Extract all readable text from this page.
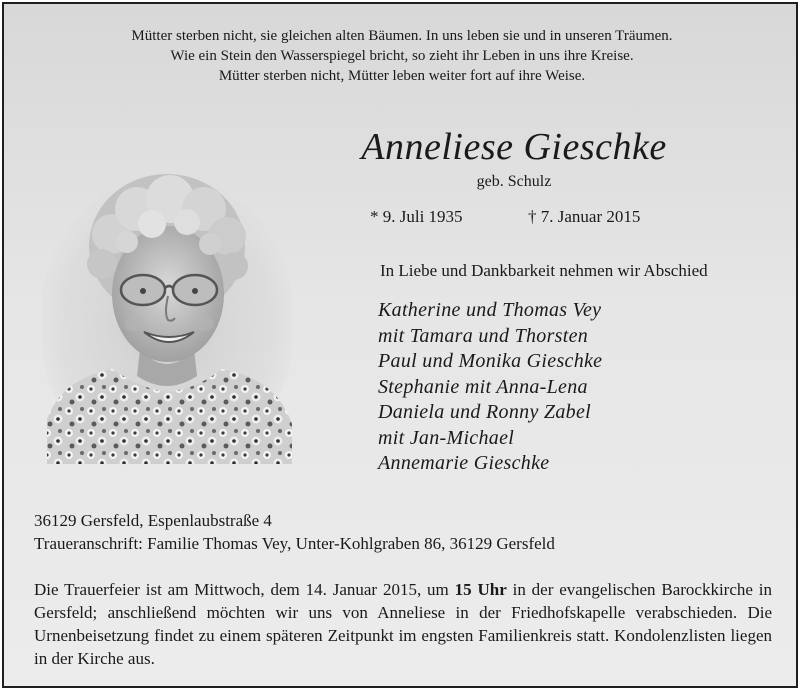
Mütter sterben nicht, sie gleichen alten Bäumen. In uns leben sie und in unseren Träumen.
Wie ein Stein den Wasserspiegel bricht, so zieht ihr Leben in uns ihre Kreise.
Mütter sterben nicht, Mütter leben weiter fort auf ihre Weise.
Anneliese Gieschke
geb. Schulz
* 9. Juli 1935	† 7. Januar 2015
In Liebe und Dankbarkeit nehmen wir Abschied
Katherine und Thomas Vey
mit Tamara und Thorsten
Paul und Monika Gieschke
Stephanie mit Anna-Lena
Daniela und Ronny Zabel
mit Jan-Michael
Annemarie Gieschke
36129 Gersfeld, Espenlaubstraße 4
Traueranschrift: Familie Thomas Vey, Unter-Kohlgraben 86, 36129 Gersfeld
Die Trauerfeier ist am Mittwoch, dem 14. Januar 2015, um 15 Uhr in der evangelischen Barockkirche in Gersfeld; anschließend möchten wir uns von Anneliese in der Friedhofskapelle verabschieden. Die Urnenbeisetzung findet zu einem späteren Zeitpunkt im engsten Familienkreis statt. Kondolenzlisten liegen in der Kirche aus.
